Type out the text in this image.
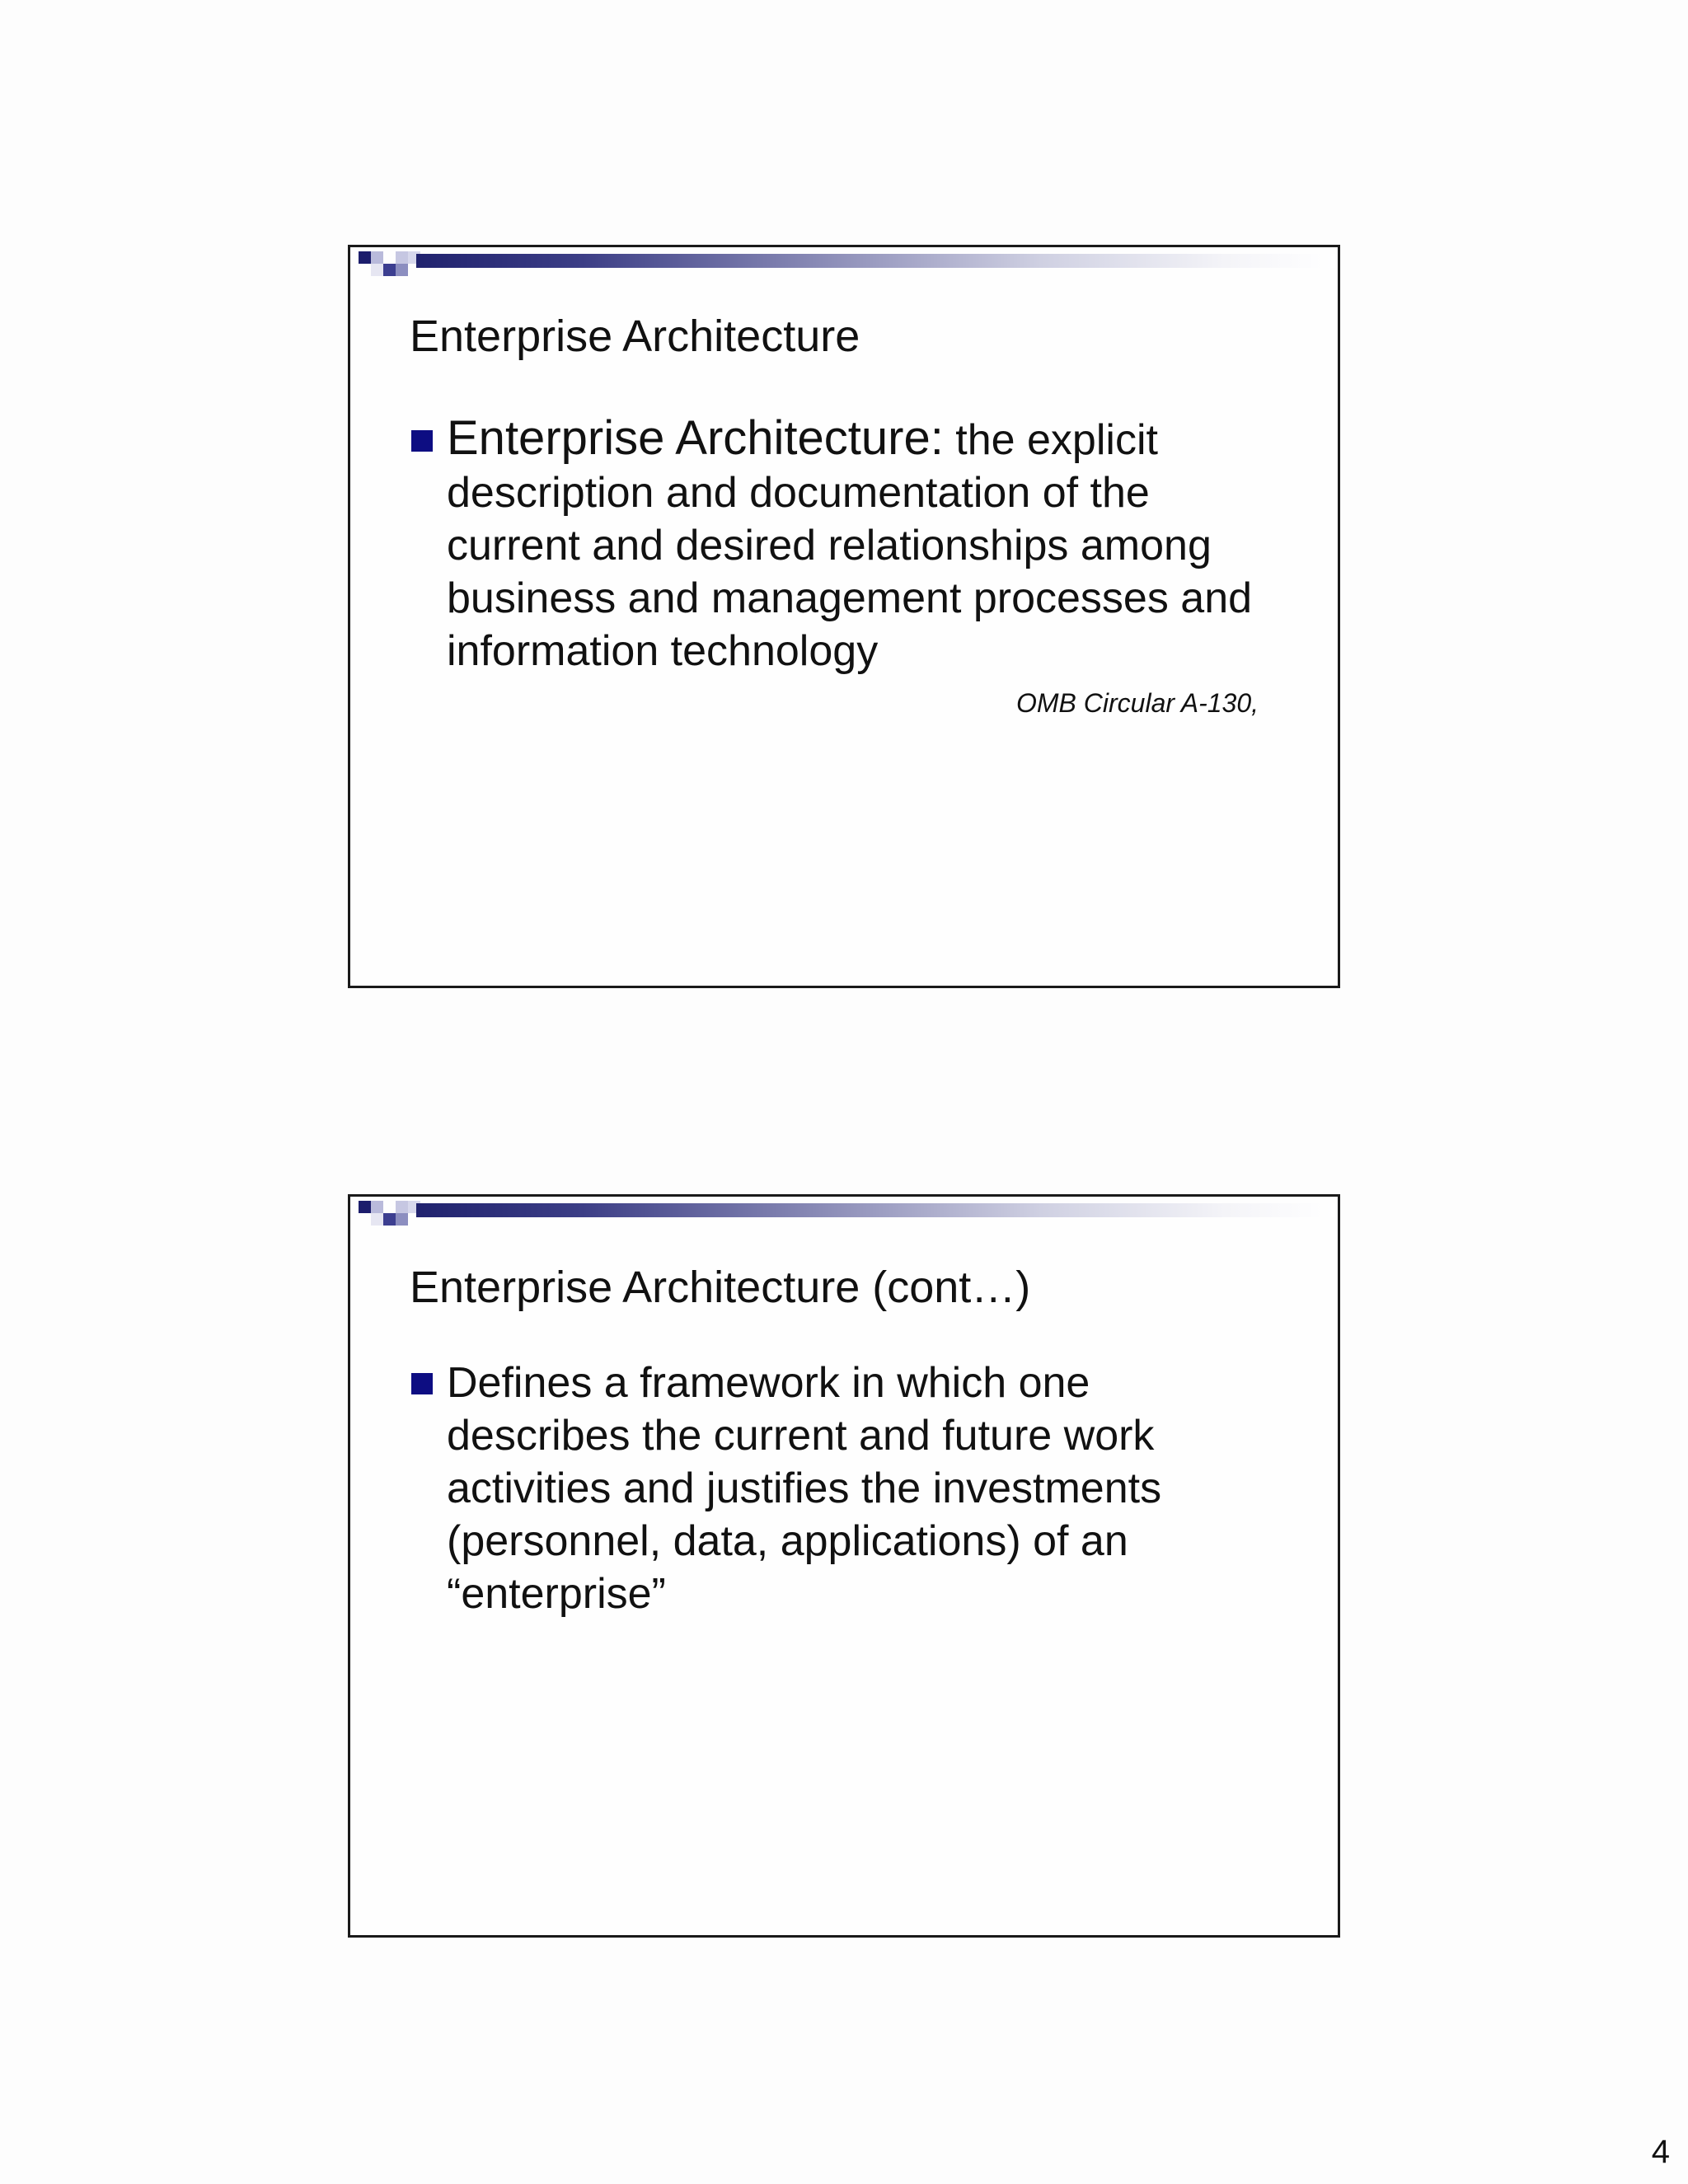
Enterprise Architecture
Enterprise Architecture: the explicit description and documentation of the current and desired relationships among business and management processes and information technology
OMB Circular A-130,
Enterprise Architecture (cont…)
Defines a framework in which one describes the current and future work activities and justifies the investments (personnel, data, applications) of an “enterprise”
4
